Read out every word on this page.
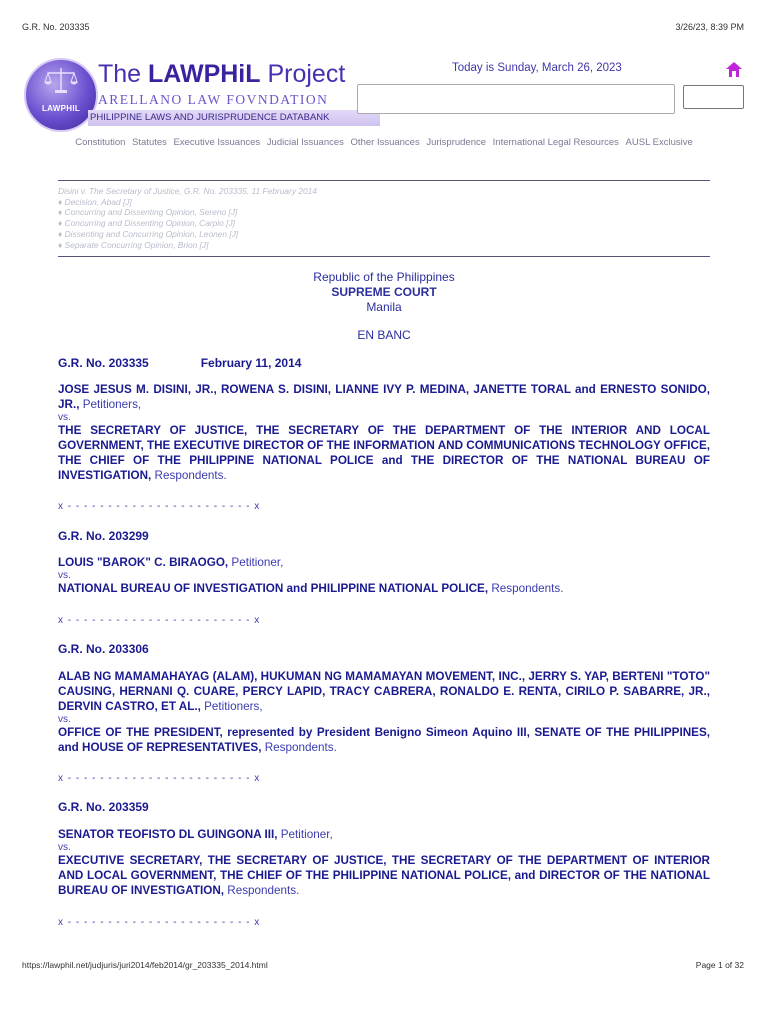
G.R. No. 203335	3/26/23, 8:39 PM
LAWPHIL
The LAWPHiL Project
ARELLANO LAW FOVNDATION
PHILIPPINE LAWS AND JURISPRUDENCE DATABANK
Today is Sunday, March 26, 2023
Constitution Statutes Executive Issuances Judicial Issuances Other Issuances Jurisprudence International Legal Resources AUSL Exclusive
Disini v. The Secretary of Justice, G.R. No. 203335, 11 February 2014
♦ Decision, Abad [J]
♦ Concurring and Dissenting Opinion, Sereno [J]
♦ Concurring and Dissenting Opinion, Carpio [J]
♦ Dissenting and Concurring Opinion, Leonen [J]
♦ Separate Concurring Opinion, Brion [J]
Republic of the Philippines
SUPREME COURT
Manila
EN BANC
G.R. No. 203335	February 11, 2014
JOSE JESUS M. DISINI, JR., ROWENA S. DISINI, LIANNE IVY P. MEDINA, JANETTE TORAL and ERNESTO SONIDO, JR., Petitioners,
vs.
THE SECRETARY OF JUSTICE, THE SECRETARY OF THE DEPARTMENT OF THE INTERIOR AND LOCAL GOVERNMENT, THE EXECUTIVE DIRECTOR OF THE INFORMATION AND COMMUNICATIONS TECHNOLOGY OFFICE, THE CHIEF OF THE PHILIPPINE NATIONAL POLICE and THE DIRECTOR OF THE NATIONAL BUREAU OF INVESTIGATION, Respondents.
x - - - - - - - - - - - - - - - - - - - - - - - x
G.R. No. 203299
LOUIS "BAROK" C. BIRAOGO, Petitioner,
vs.
NATIONAL BUREAU OF INVESTIGATION and PHILIPPINE NATIONAL POLICE, Respondents.
x - - - - - - - - - - - - - - - - - - - - - - - x
G.R. No. 203306
ALAB NG MAMAMAHAYAG (ALAM), HUKUMAN NG MAMAMAYAN MOVEMENT, INC., JERRY S. YAP, BERTENI "TOTO" CAUSING, HERNANI Q. CUARE, PERCY LAPID, TRACY CABRERA, RONALDO E. RENTA, CIRILO P. SABARRE, JR., DERVIN CASTRO, ET AL., Petitioners,
vs.
OFFICE OF THE PRESIDENT, represented by President Benigno Simeon Aquino III, SENATE OF THE PHILIPPINES, and HOUSE OF REPRESENTATIVES, Respondents.
x - - - - - - - - - - - - - - - - - - - - - - - x
G.R. No. 203359
SENATOR TEOFISTO DL GUINGONA III, Petitioner,
vs.
EXECUTIVE SECRETARY, THE SECRETARY OF JUSTICE, THE SECRETARY OF THE DEPARTMENT OF INTERIOR AND LOCAL GOVERNMENT, THE CHIEF OF THE PHILIPPINE NATIONAL POLICE, and DIRECTOR OF THE NATIONAL BUREAU OF INVESTIGATION, Respondents.
x - - - - - - - - - - - - - - - - - - - - - - - x
https://lawphil.net/judjuris/juri2014/feb2014/gr_203335_2014.html	Page 1 of 32
